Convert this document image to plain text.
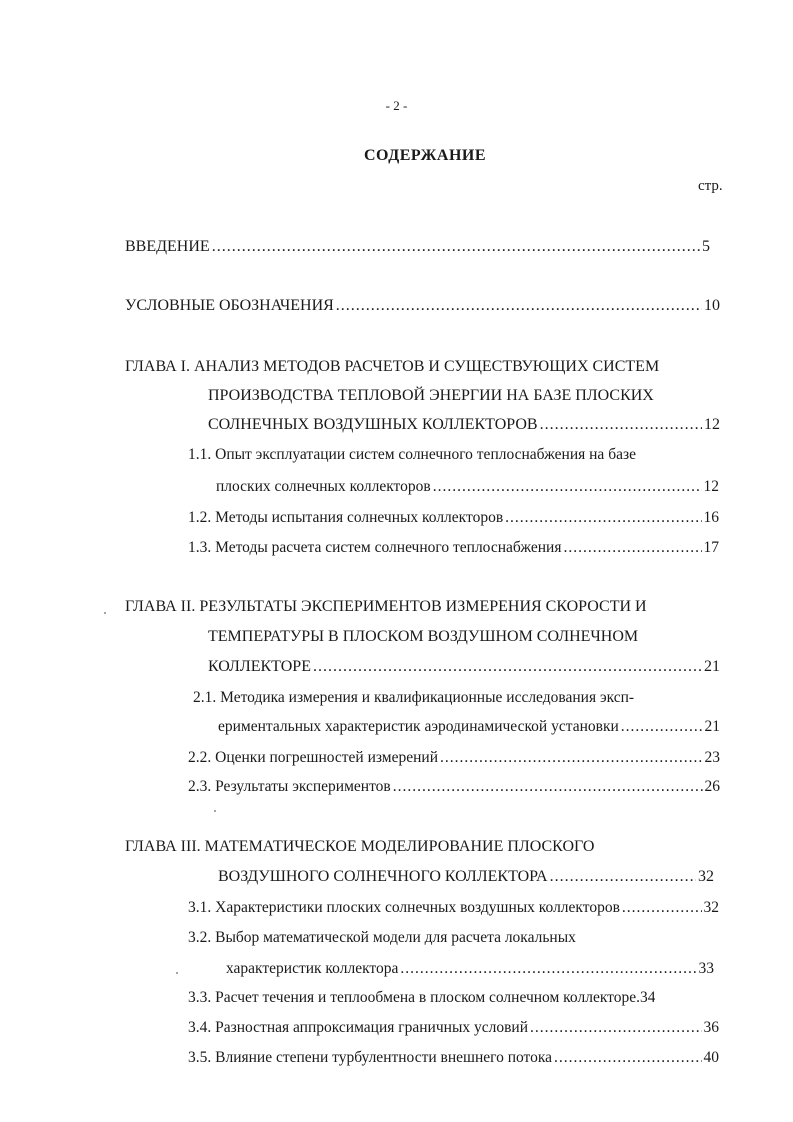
- 2 -
СОДЕРЖАНИЕ
стр.
ВВЕДЕНИЕ .....	5
УСЛОВНЫЕ ОБОЗНАЧЕНИЯ .....	10
ГЛАВА I. АНАЛИЗ МЕТОДОВ РАСЧЕТОВ И СУЩЕСТВУЮЩИХ СИСТЕМ
ПРОИЗВОДСТВА ТЕПЛОВОЙ ЭНЕРГИИ НА БАЗЕ ПЛОСКИХ
СОЛНЕЧНЫХ ВОЗДУШНЫХ КОЛЛЕКТОРОВ .....	12
1.1. Опыт эксплуатации систем солнечного теплоснабжения на базе
плоских солнечных коллекторов .....	12
1.2. Методы испытания солнечных коллекторов .....	16
1.3. Методы расчета систем солнечного теплоснабжения .....	17
ГЛАВА II. РЕЗУЛЬТАТЫ ЭКСПЕРИМЕНТОВ ИЗМЕРЕНИЯ СКОРОСТИ И
ТЕМПЕРАТУРЫ В ПЛОСКОМ ВОЗДУШНОМ СОЛНЕЧНОМ
КОЛЛЕКТОРЕ .....	21
2.1. Методика измерения и квалификационные исследования эксп-
ериментальных характеристик аэродинамической установки .....	21
2.2. Оценки погрешностей измерений .....	23
2.3. Результаты экспериментов .....	26
ГЛАВА III. МАТЕМАТИЧЕСКОЕ МОДЕЛИРОВАНИЕ ПЛОСКОГО
ВОЗДУШНОГО СОЛНЕЧНОГО КОЛЛЕКТОРА .....	32
3.1. Характеристики плоских солнечных воздушных коллекторов .....	32
3.2. Выбор математической модели для расчета локальных
характеристик коллектора .....	33
3.3. Расчет течения и теплообмена в плоском солнечном коллекторе.34
3.4. Разностная аппроксимация граничных условий .....	36
3.5. Влияние степени турбулентности внешнего потока .....	40
